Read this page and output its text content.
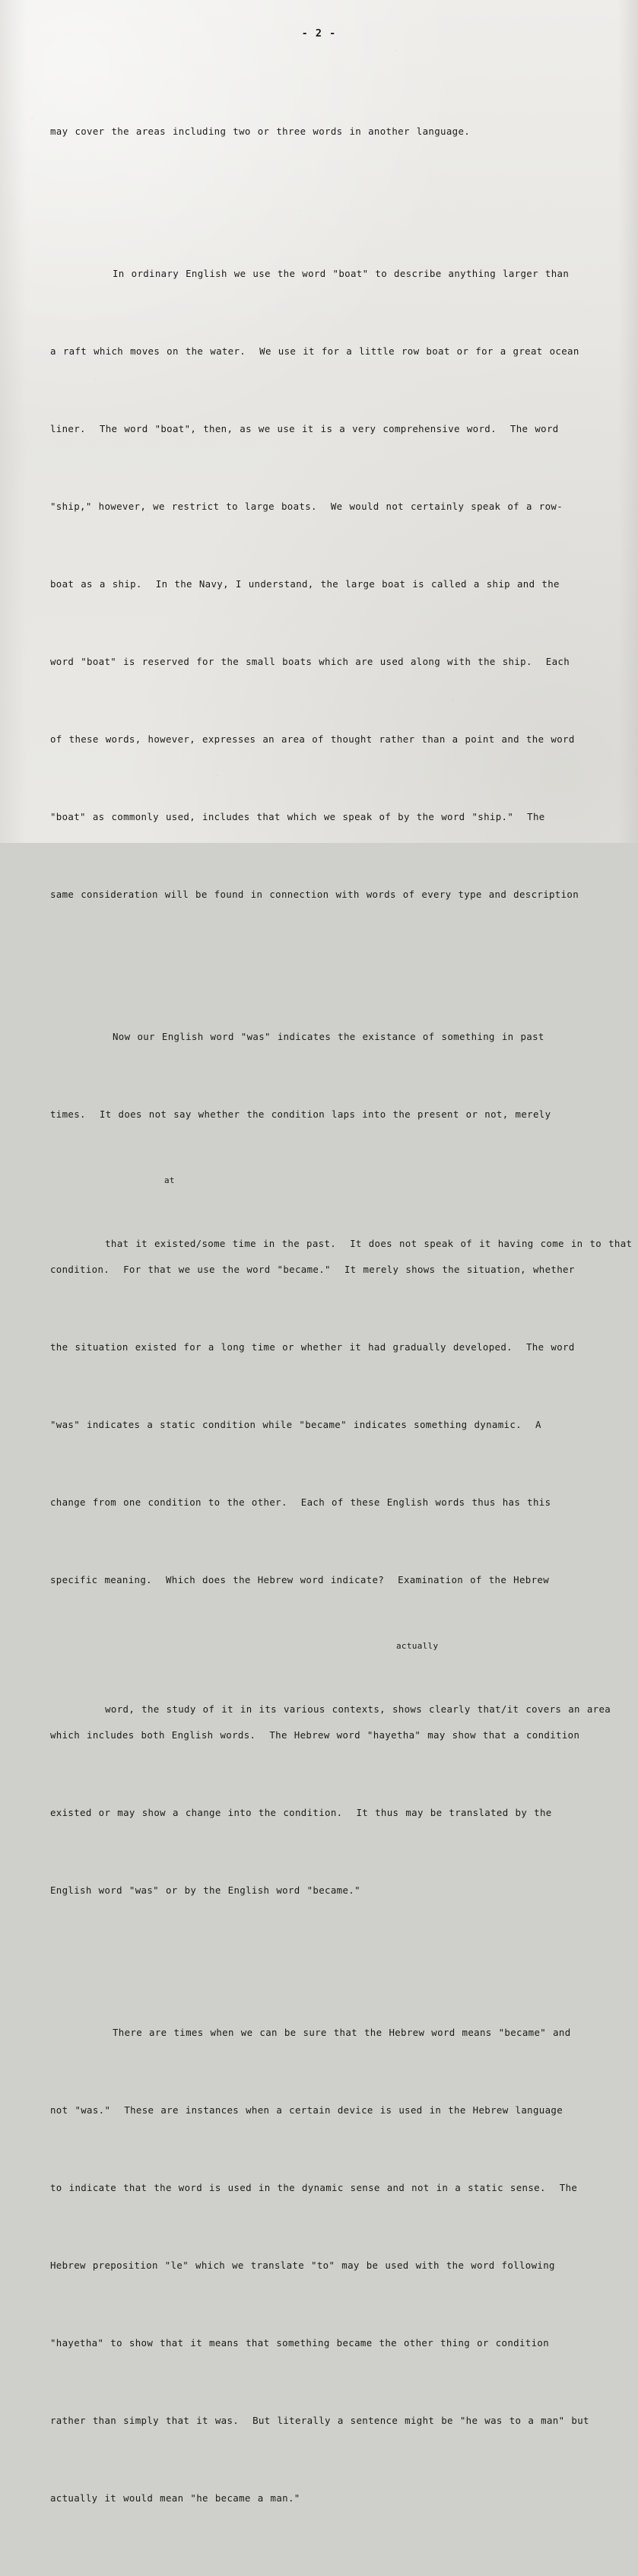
- 2 -

may cover the areas including two or three words in another language.

In ordinary English we use the word "boat" to describe anything larger than

a raft which moves on the water.  We use it for a little row boat or for a great ocean

liner.  The word "boat", then, as we use it is a very comprehensive word.  The word

"ship," however, we restrict to large boats.  We would not certainly speak of a row-

boat as a ship.  In the Navy, I understand, the large boat is called a ship and the

word "boat" is reserved for the small boats which are used along with the ship.  Each

of these words, however, expresses an area of thought rather than a point and the word

"boat" as commonly used, includes that which we speak of by the word "ship."  The

same consideration will be found in connection with words of every type and description

Now our English word "was" indicates the existance of something in past

times.  It does not say whether the condition laps into the present or not, merely

at

that it existed/some time in the past.  It does not speak of it having come in to that

condition.  For that we use the word "became."  It merely shows the situation, whether

the situation existed for a long time or whether it had gradually developed.  The word

"was" indicates a static condition while "became" indicates something dynamic.  A

change from one condition to the other.  Each of these English words thus has this

specific meaning.  Which does the Hebrew word indicate?  Examination of the Hebrew

actually

word, the study of it in its various contexts, shows clearly that/it covers an area

which includes both English words.  The Hebrew word "hayetha" may show that a condition

existed or may show a change into the condition.  It thus may be translated by the

English word "was" or by the English word "became."

There are times when we can be sure that the Hebrew word means "became" and

not "was."  These are instances when a certain device is used in the Hebrew language

to indicate that the word is used in the dynamic sense and not in a static sense.  The

Hebrew preposition "le" which we translate "to" may be used with the word following

"hayetha" to show that it means that something became the other thing or condition

rather than simply that it was.  But literally a sentence might be "he was to a man" but

actually it would mean "he became a man."
